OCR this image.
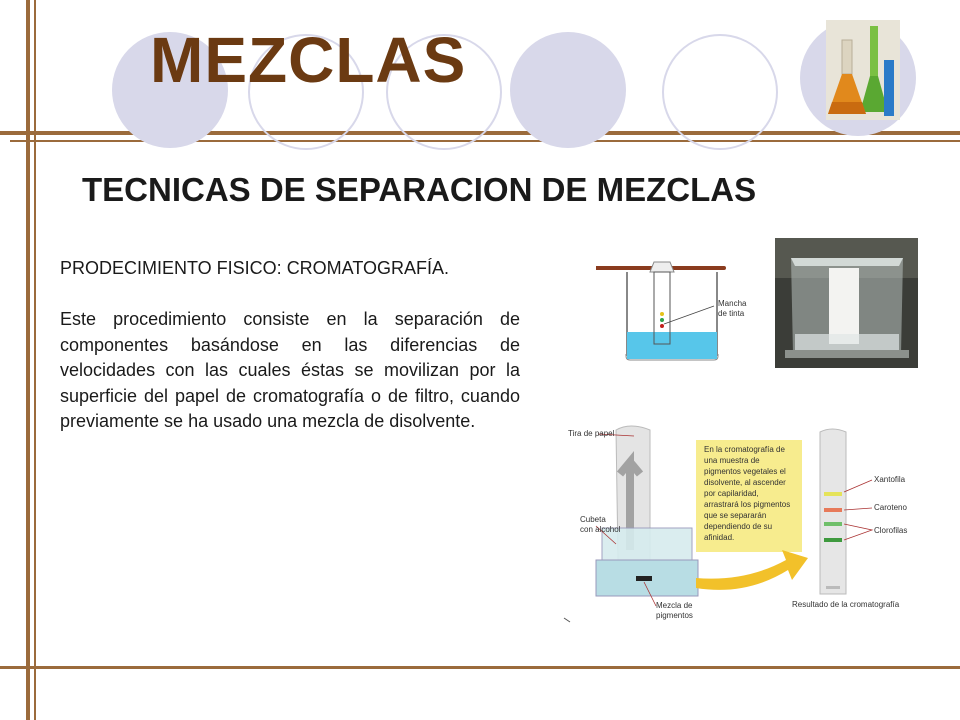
MEZCLAS
TECNICAS DE SEPARACION DE MEZCLAS
PRODECIMIENTO FISICO: CROMATOGRAFÍA.
Este procedimiento consiste en la separación de componentes basándose en las diferencias de velocidades con las cuales éstas se movilizan por la superficie del papel de cromatografía o de filtro, cuando previamente se ha usado una mezcla de disolvente.
Mancha
de tinta
Tira de papel
Cubeta
con alcohol
Mezcla de
pigmentos
En la cromatografía de
una muestra de
pigmentos vegetales el
disolvente, al ascender
por capilaridad,
arrastrará los pigmentos
que se separarán
dependiendo de su
afinidad.
Xantofila
Caroteno
Clorofilas
Resultado de la cromatografía
